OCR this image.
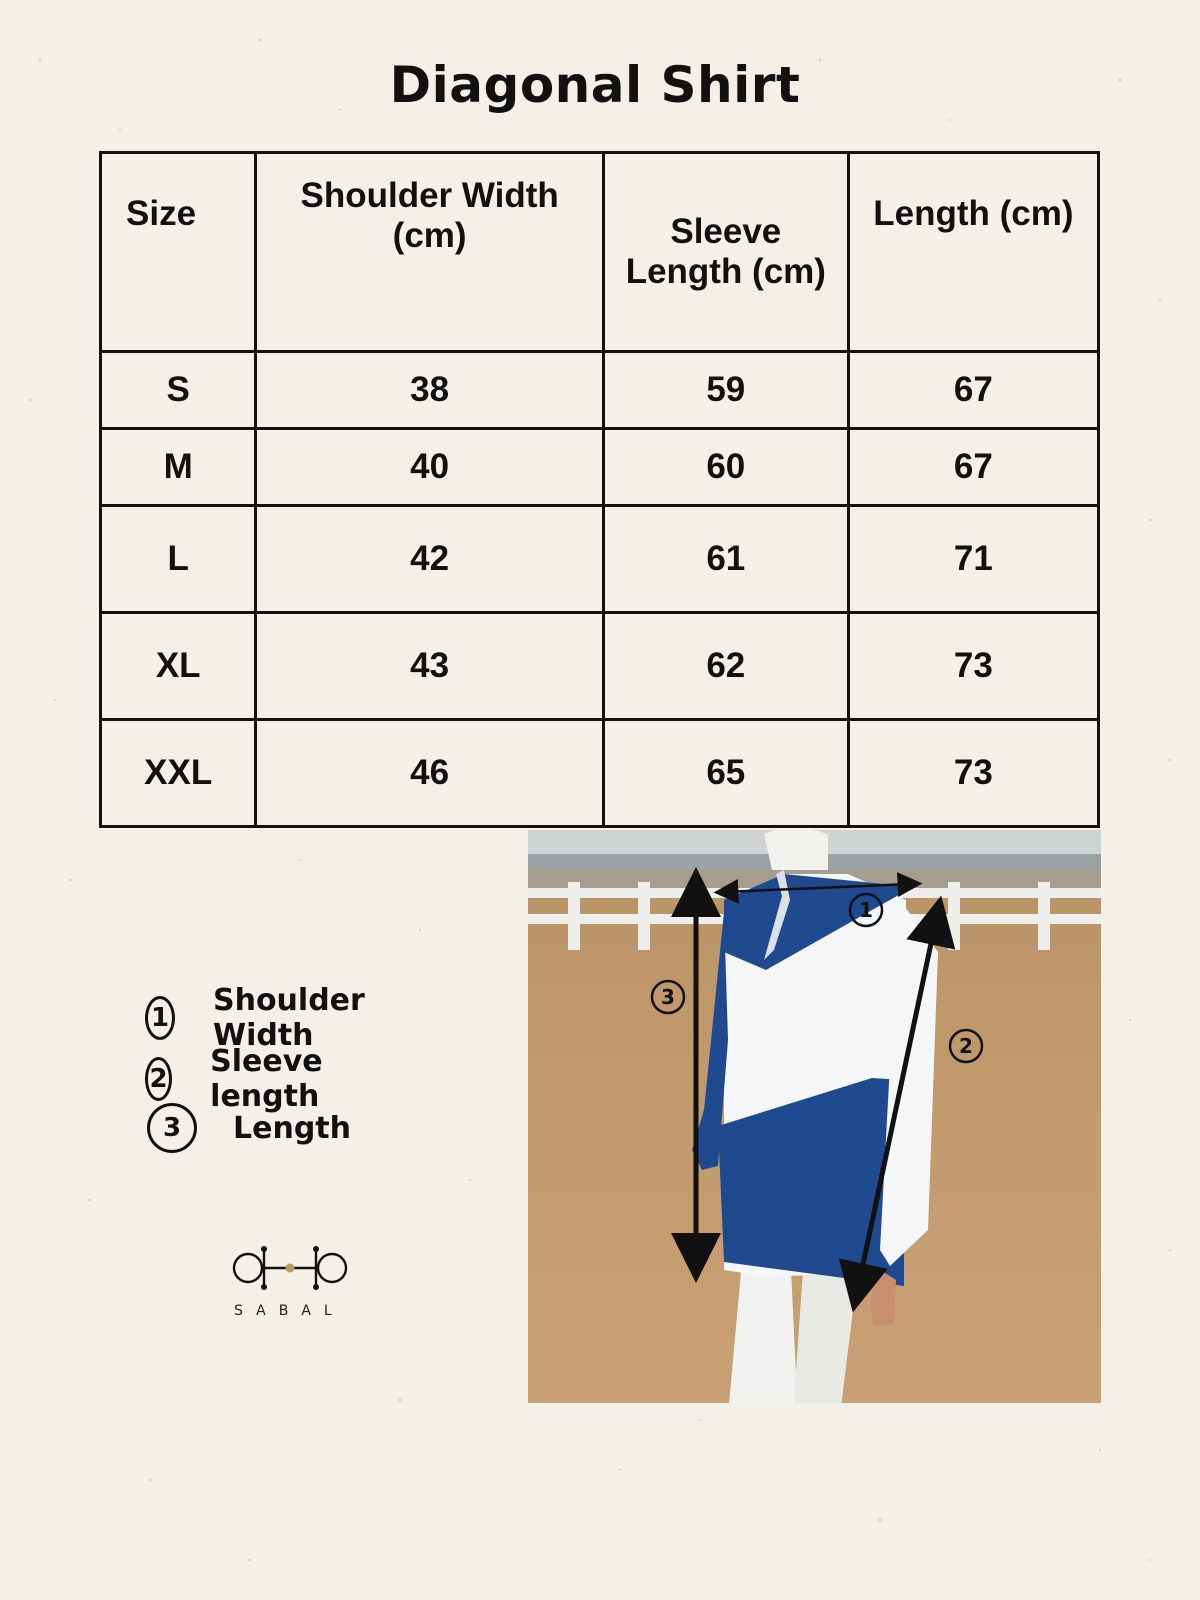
Diagonal Shirt
Size	Shoulder Width (cm)	Sleeve Length (cm)	Length (cm)
S	38	59	67
M	40	60	67
L	42	61	71
XL	43	62	73
XXL	46	65	73
1 Shoulder Width
2 Sleeve length
3	Length
SABAL
1
2
3
